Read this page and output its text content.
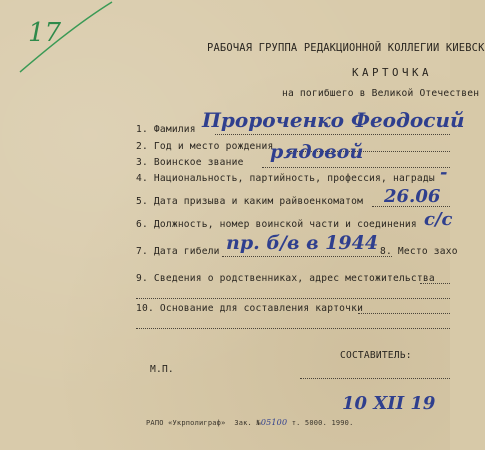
17	РАБОЧАЯ ГРУППА РЕДАКЦИОННОЙ КОЛЛЕГИИ КИЕВСК
КАРТОЧКА
на погибшего в Великой Отечествен
1. Фамилия Пророченко Феодосий
2. Год и место рождения
3. Воинское звание рядовой
4. Национальность, партийность, профессия, награды -
5. Дата призыва и каким райвоенкоматом 26.06
6. Должность, номер воинской части и соединения с/с
7. Дата гибели пр. б/в в 1944 8. Место захо
9. Сведения о родственниках, адрес местожительства
10. Основание для составления карточки
М.П.
СОСТАВИТЕЛЬ:
10 XII 19
РАПО «Укрполиграф»  Зак. №05100 т. 5000. 1990.
